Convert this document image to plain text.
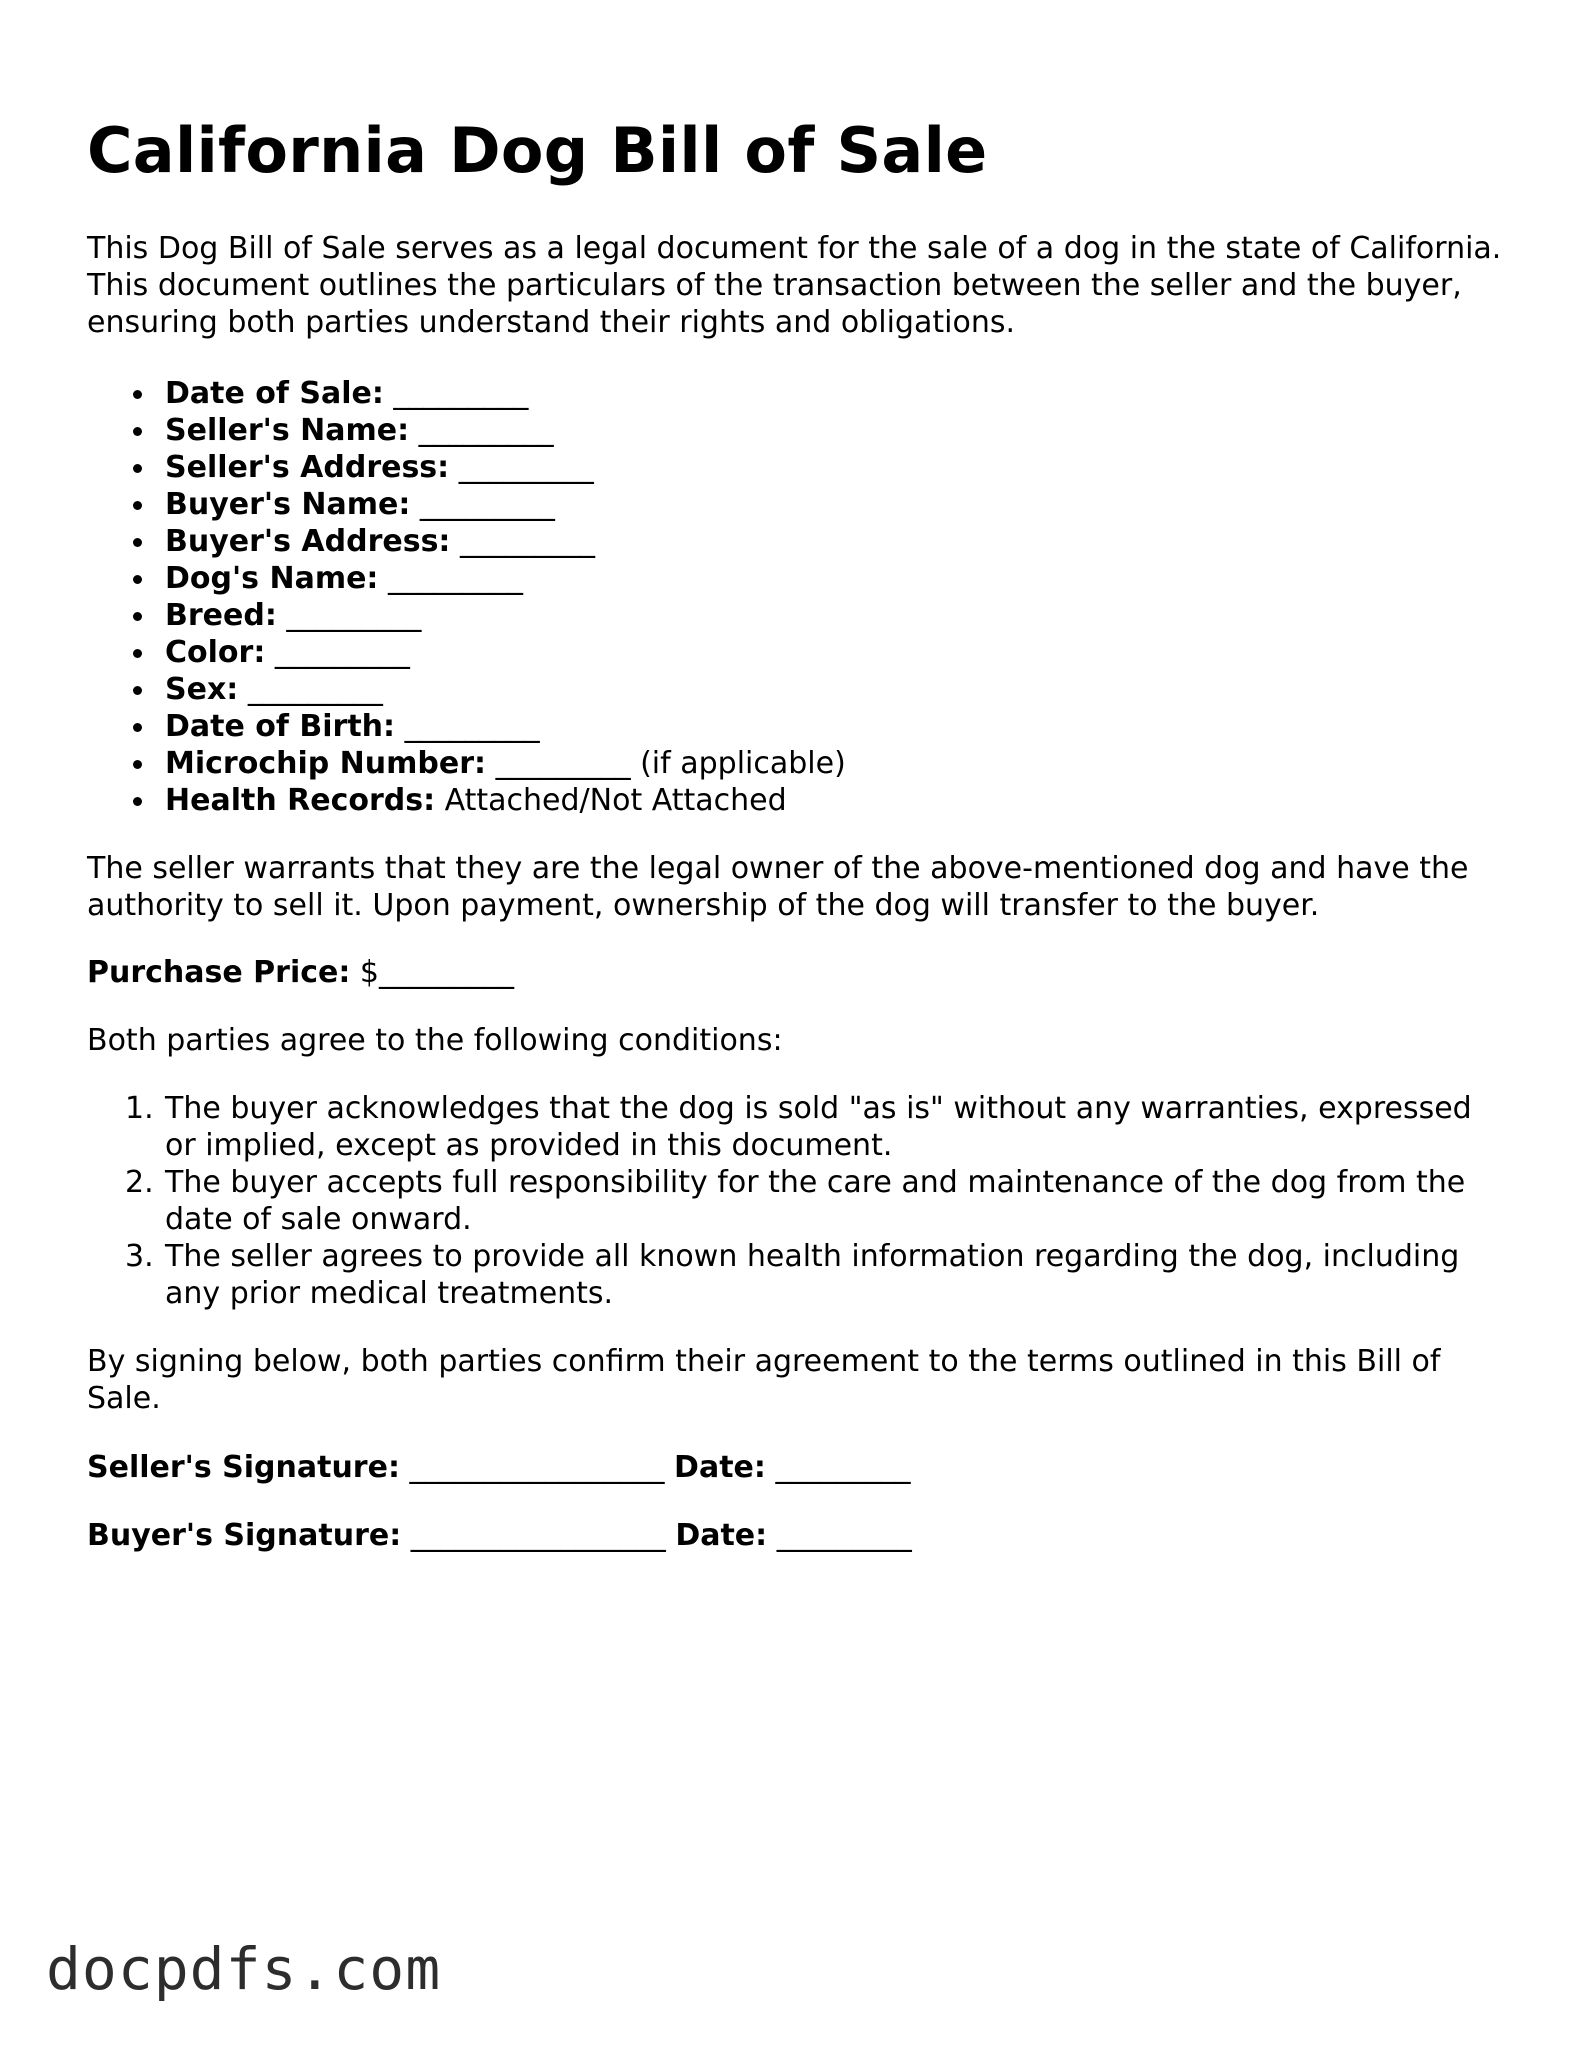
California Dog Bill of Sale

This Dog Bill of Sale serves as a legal document for the sale of a dog in the state of California. This document outlines the particulars of the transaction between the seller and the buyer, ensuring both parties understand their rights and obligations.

Date of Sale: _________
Seller's Name: _________
Seller's Address: _________
Buyer's Name: _________
Buyer's Address: _________
Dog's Name: _________
Breed: _________
Color: _________
Sex: _________
Date of Birth: _________
Microchip Number: _________ (if applicable)
Health Records: Attached/Not Attached

The seller warrants that they are the legal owner of the above-mentioned dog and have the authority to sell it. Upon payment, ownership of the dog will transfer to the buyer.

Purchase Price: $_________

Both parties agree to the following conditions:

1. The buyer acknowledges that the dog is sold "as is" without any warranties, expressed or implied, except as provided in this document.
2. The buyer accepts full responsibility for the care and maintenance of the dog from the date of sale onward.
3. The seller agrees to provide all known health information regarding the dog, including any prior medical treatments.

By signing below, both parties confirm their agreement to the terms outlined in this Bill of Sale.

Seller's Signature: _________________ Date: _________

Buyer's Signature: _________________ Date: _________

docpdfs.com
